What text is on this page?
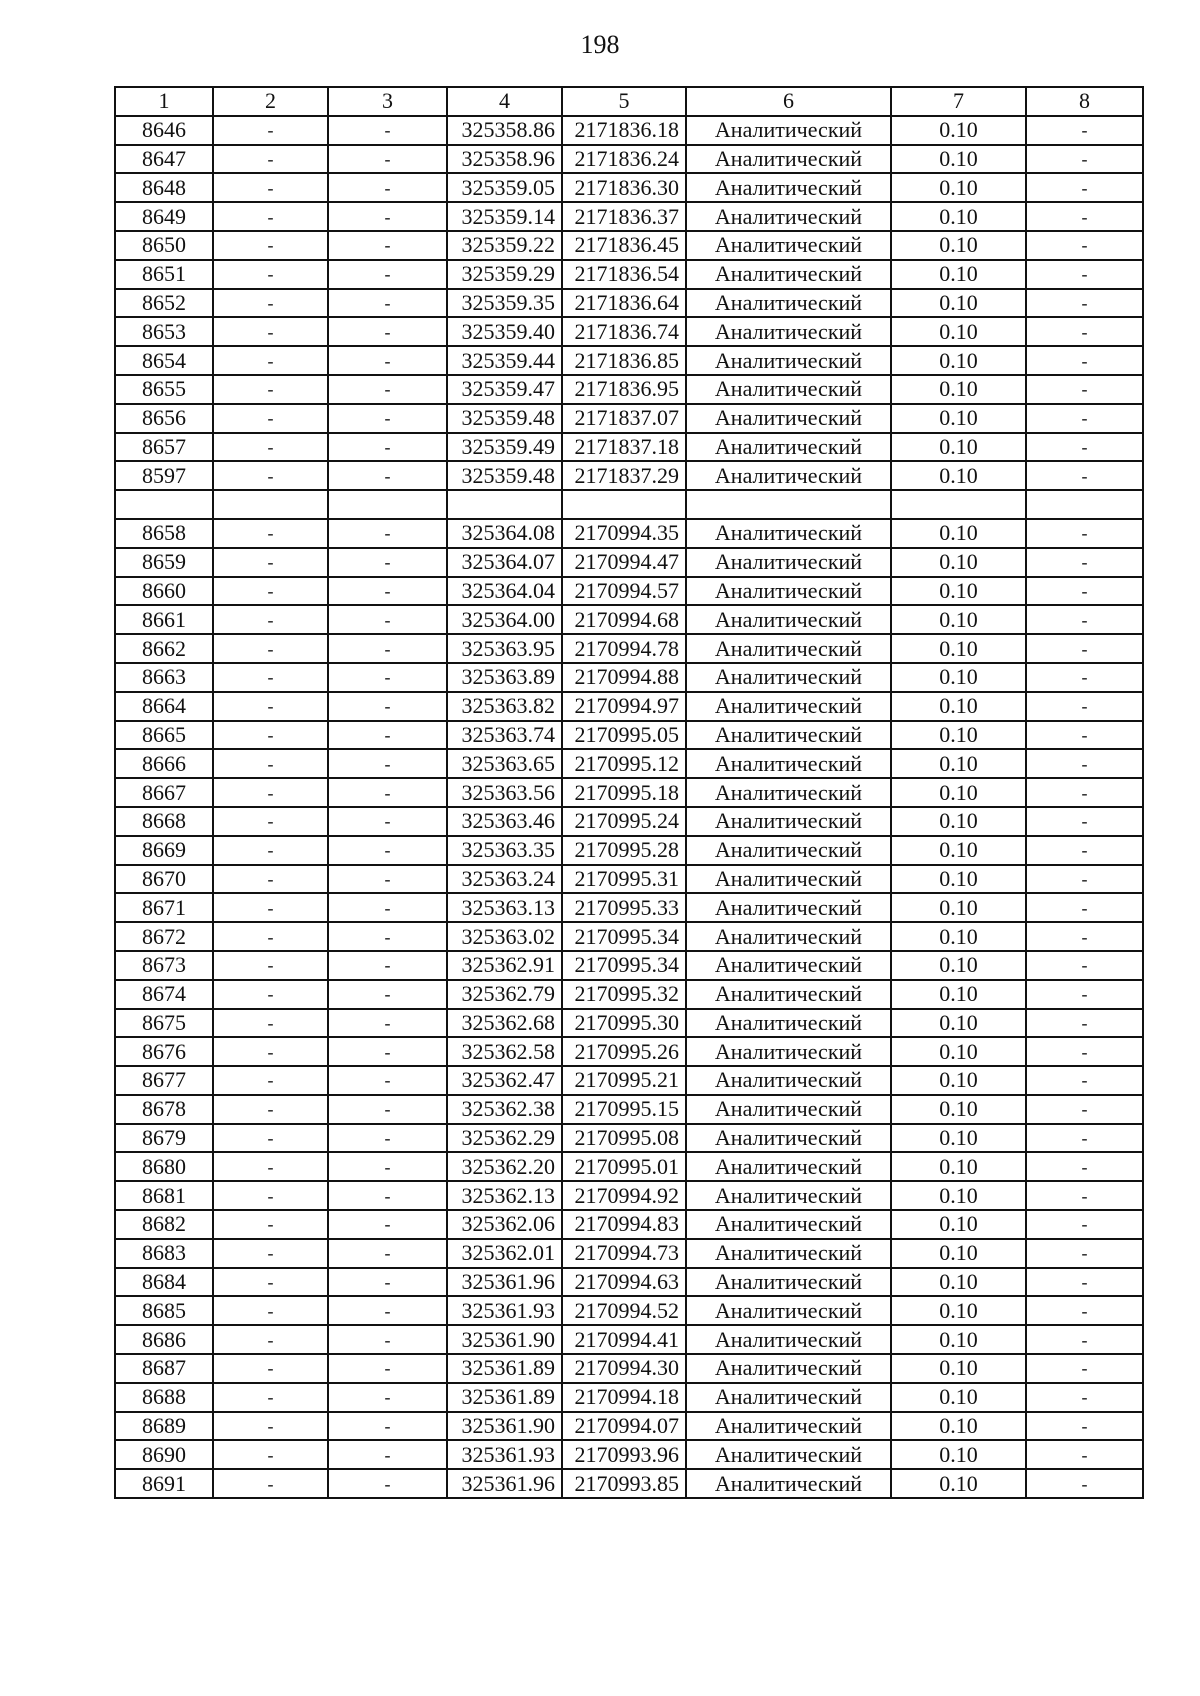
198
1	2	3	4	5	6	7	8
8646	-	-	325358.86	2171836.18	Аналитический	0.10	-
8647	-	-	325358.96	2171836.24	Аналитический	0.10	-
8648	-	-	325359.05	2171836.30	Аналитический	0.10	-
8649	-	-	325359.14	2171836.37	Аналитический	0.10	-
8650	-	-	325359.22	2171836.45	Аналитический	0.10	-
8651	-	-	325359.29	2171836.54	Аналитический	0.10	-
8652	-	-	325359.35	2171836.64	Аналитический	0.10	-
8653	-	-	325359.40	2171836.74	Аналитический	0.10	-
8654	-	-	325359.44	2171836.85	Аналитический	0.10	-
8655	-	-	325359.47	2171836.95	Аналитический	0.10	-
8656	-	-	325359.48	2171837.07	Аналитический	0.10	-
8657	-	-	325359.49	2171837.18	Аналитический	0.10	-
8597	-	-	325359.48	2171837.29	Аналитический	0.10	-

8658	-	-	325364.08	2170994.35	Аналитический	0.10	-
8659	-	-	325364.07	2170994.47	Аналитический	0.10	-
8660	-	-	325364.04	2170994.57	Аналитический	0.10	-
8661	-	-	325364.00	2170994.68	Аналитический	0.10	-
8662	-	-	325363.95	2170994.78	Аналитический	0.10	-
8663	-	-	325363.89	2170994.88	Аналитический	0.10	-
8664	-	-	325363.82	2170994.97	Аналитический	0.10	-
8665	-	-	325363.74	2170995.05	Аналитический	0.10	-
8666	-	-	325363.65	2170995.12	Аналитический	0.10	-
8667	-	-	325363.56	2170995.18	Аналитический	0.10	-
8668	-	-	325363.46	2170995.24	Аналитический	0.10	-
8669	-	-	325363.35	2170995.28	Аналитический	0.10	-
8670	-	-	325363.24	2170995.31	Аналитический	0.10	-
8671	-	-	325363.13	2170995.33	Аналитический	0.10	-
8672	-	-	325363.02	2170995.34	Аналитический	0.10	-
8673	-	-	325362.91	2170995.34	Аналитический	0.10	-
8674	-	-	325362.79	2170995.32	Аналитический	0.10	-
8675	-	-	325362.68	2170995.30	Аналитический	0.10	-
8676	-	-	325362.58	2170995.26	Аналитический	0.10	-
8677	-	-	325362.47	2170995.21	Аналитический	0.10	-
8678	-	-	325362.38	2170995.15	Аналитический	0.10	-
8679	-	-	325362.29	2170995.08	Аналитический	0.10	-
8680	-	-	325362.20	2170995.01	Аналитический	0.10	-
8681	-	-	325362.13	2170994.92	Аналитический	0.10	-
8682	-	-	325362.06	2170994.83	Аналитический	0.10	-
8683	-	-	325362.01	2170994.73	Аналитический	0.10	-
8684	-	-	325361.96	2170994.63	Аналитический	0.10	-
8685	-	-	325361.93	2170994.52	Аналитический	0.10	-
8686	-	-	325361.90	2170994.41	Аналитический	0.10	-
8687	-	-	325361.89	2170994.30	Аналитический	0.10	-
8688	-	-	325361.89	2170994.18	Аналитический	0.10	-
8689	-	-	325361.90	2170994.07	Аналитический	0.10	-
8690	-	-	325361.93	2170993.96	Аналитический	0.10	-
8691	-	-	325361.96	2170993.85	Аналитический	0.10	-
